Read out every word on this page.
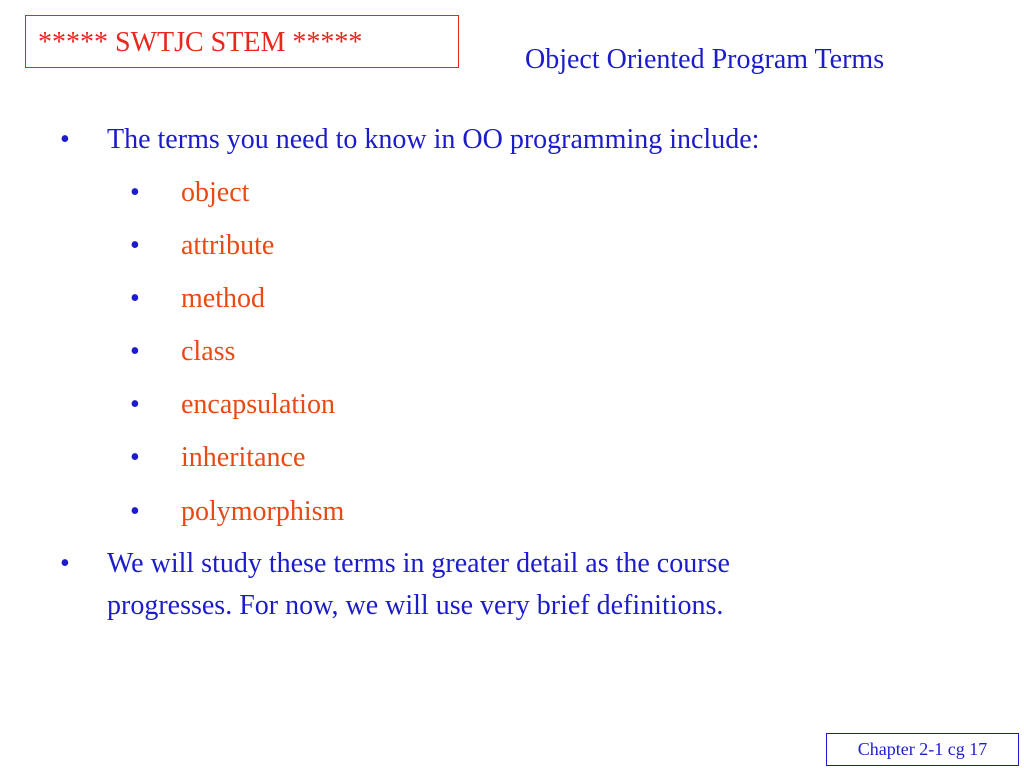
***** SWTJC STEM *****
Object Oriented Program Terms
• The terms you need to know in OO programming include:
• object
• attribute
• method
• class
• encapsulation
• inheritance
• polymorphism
• We will study these terms in greater detail as the course
progresses. For now, we will use very brief definitions.
Chapter 2-1 cg 17
